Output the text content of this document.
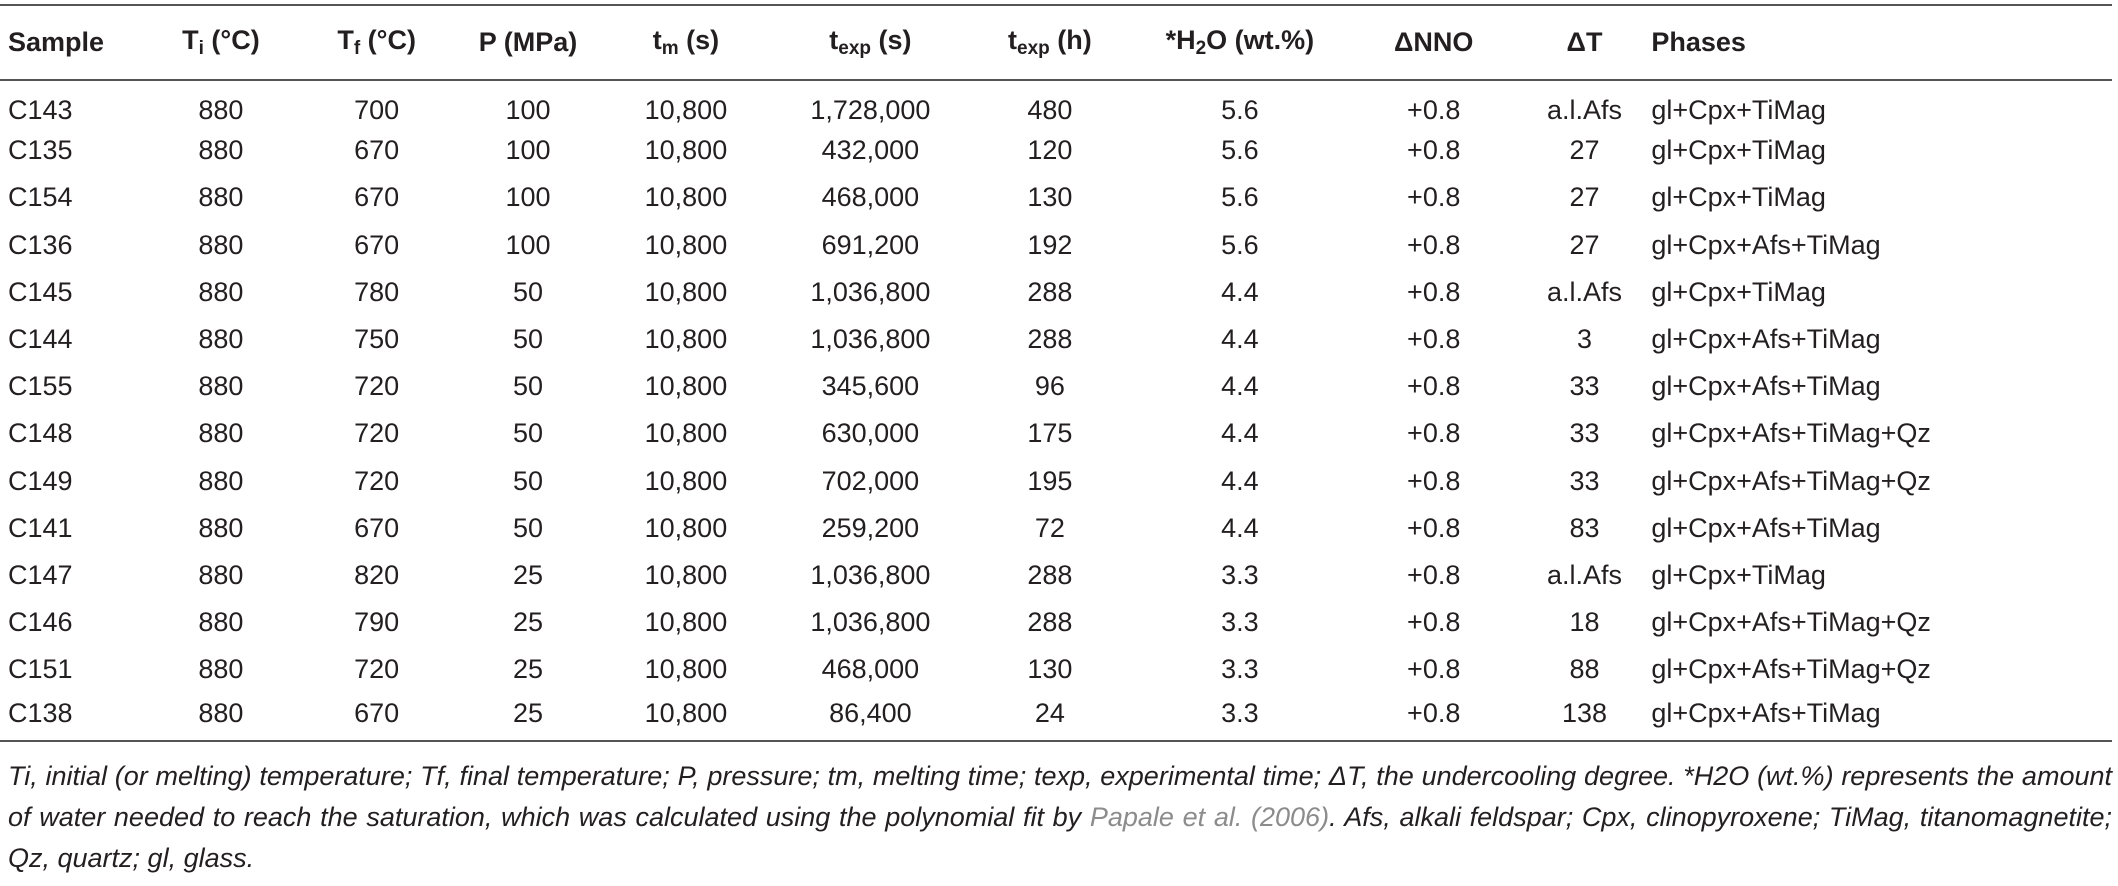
Sample	$T_i$ (°C)	$T_f$ (°C)	P (MPa)	$t_m$ (s)	$t_{exp}$ (s)	$t_{exp}$ (h)	$*H_2O$ (wt.%)	ΔNNO	ΔT	Phases
C143	880	700	100	10,800	1,728,000	480	5.6	+0.8	a.l.Afs	gl+Cpx+TiMag
C135	880	670	100	10,800	432,000	120	5.6	+0.8	27	gl+Cpx+TiMag
C154	880	670	100	10,800	468,000	130	5.6	+0.8	27	gl+Cpx+TiMag
C136	880	670	100	10,800	691,200	192	5.6	+0.8	27	gl+Cpx+Afs+TiMag
C145	880	780	50	10,800	1,036,800	288	4.4	+0.8	a.l.Afs	gl+Cpx+TiMag
C144	880	750	50	10,800	1,036,800	288	4.4	+0.8	3	gl+Cpx+Afs+TiMag
C155	880	720	50	10,800	345,600	96	4.4	+0.8	33	gl+Cpx+Afs+TiMag
C148	880	720	50	10,800	630,000	175	4.4	+0.8	33	gl+Cpx+Afs+TiMag+Qz
C149	880	720	50	10,800	702,000	195	4.4	+0.8	33	gl+Cpx+Afs+TiMag+Qz
C141	880	670	50	10,800	259,200	72	4.4	+0.8	83	gl+Cpx+Afs+TiMag
C147	880	820	25	10,800	1,036,800	288	3.3	+0.8	a.l.Afs	gl+Cpx+TiMag
C146	880	790	25	10,800	1,036,800	288	3.3	+0.8	18	gl+Cpx+Afs+TiMag+Qz
C151	880	720	25	10,800	468,000	130	3.3	+0.8	88	gl+Cpx+Afs+TiMag+Qz
C138	880	670	25	10,800	86,400	24	3.3	+0.8	138	gl+Cpx+Afs+TiMag
Ti, initial (or melting) temperature; Tf, final temperature; P, pressure; tm, melting time; texp, experimental time; ΔT, the undercooling degree. *H2O (wt.%) represents the amount of water needed to reach the saturation, which was calculated using the polynomial fit by Papale et al. (2006). Afs, alkali feldspar; Cpx, clinopyroxene; TiMag, titanomagnetite; Qz, quartz; gl, glass.
